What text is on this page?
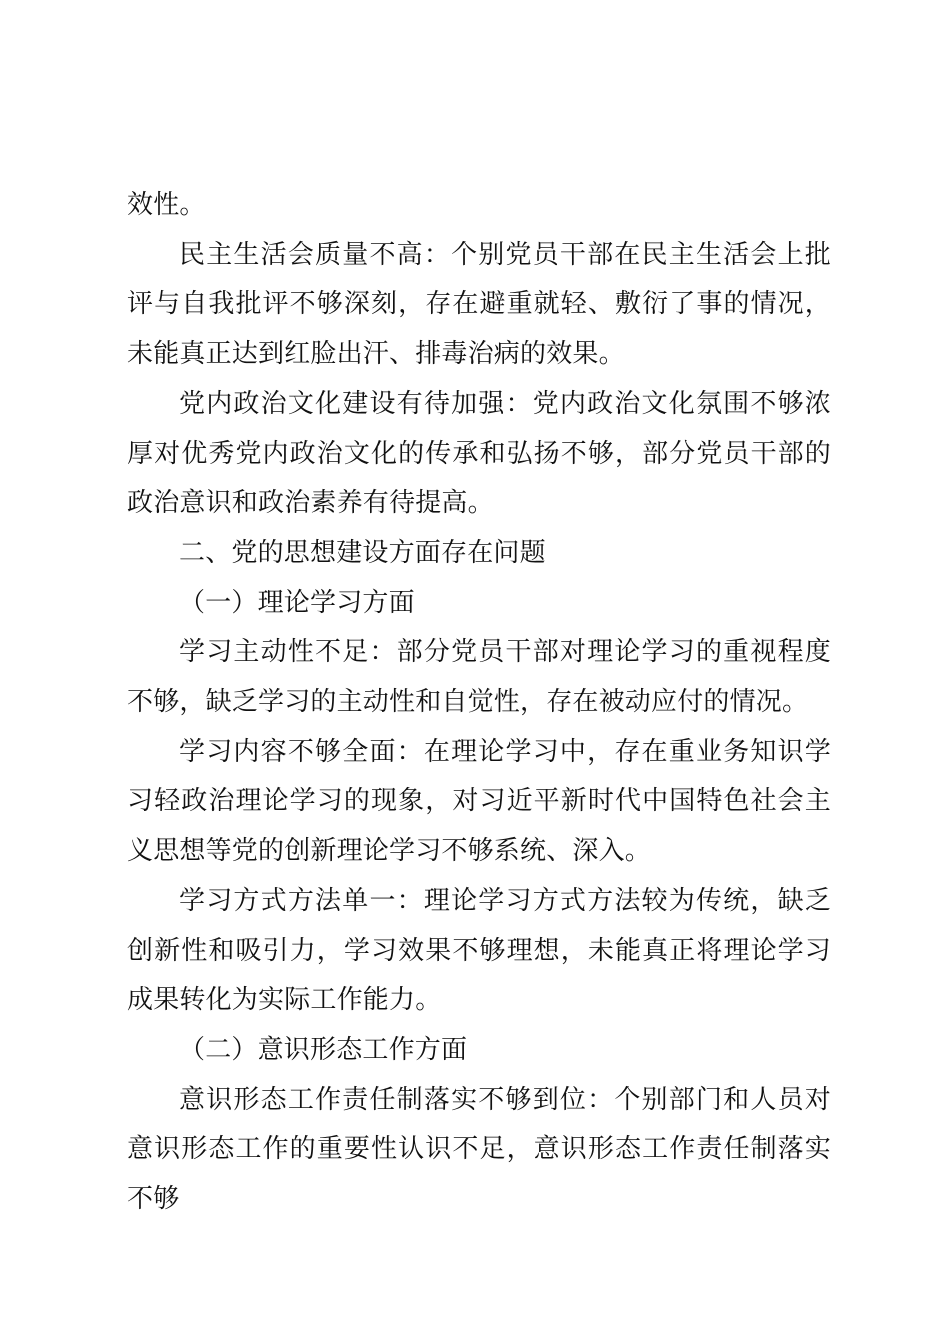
效性。

民主生活会质量不高：个别党员干部在民主生活会上批评与自我批评不够深刻，存在避重就轻、敷衍了事的情况，未能真正达到红脸出汗、排毒治病的效果。

党内政治文化建设有待加强：党内政治文化氛围不够浓厚对优秀党内政治文化的传承和弘扬不够，部分党员干部的政治意识和政治素养有待提高。

二、党的思想建设方面存在问题

（一）理论学习方面

学习主动性不足：部分党员干部对理论学习的重视程度不够，缺乏学习的主动性和自觉性，存在被动应付的情况。

学习内容不够全面：在理论学习中，存在重业务知识学习轻政治理论学习的现象，对习近平新时代中国特色社会主义思想等党的创新理论学习不够系统、深入。

学习方式方法单一：理论学习方式方法较为传统，缺乏创新性和吸引力，学习效果不够理想，未能真正将理论学习成果转化为实际工作能力。

（二）意识形态工作方面

意识形态工作责任制落实不够到位：个别部门和人员对意识形态工作的重要性认识不足，意识形态工作责任制落实不够
